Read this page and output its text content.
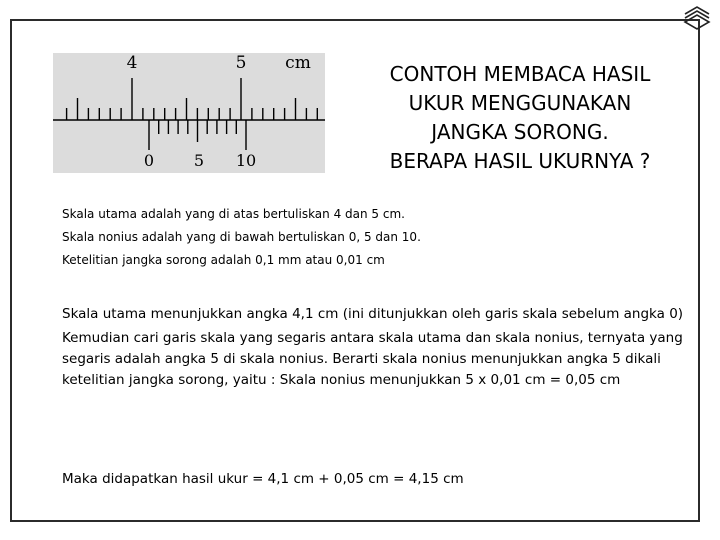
4	5 cm
0 5 10

CONTOH MEMBACA HASIL

UKUR MENGGUNAKAN

JANGKA SORONG.

BERAPA HASIL UKURNYA ?

Skala utama adalah yang di atas bertuliskan 4 dan 5 cm.
Skala nonius adalah yang di bawah bertuliskan 0, 5 dan 10.
Ketelitian jangka sorong adalah 0,1 mm atau 0,01 cm

Skala utama menunjukkan angka 4,1 cm (ini ditunjukkan oleh garis skala sebelum angka 0)

Kemudian cari garis skala yang segaris antara skala utama dan skala nonius, ternyata yang segaris adalah angka 5 di skala nonius. Berarti skala nonius menunjukkan angka 5 dikali ketelitian jangka sorong, yaitu : Skala nonius menunjukkan 5 x 0,01 cm = 0,05 cm

Maka didapatkan hasil ukur = 4,1 cm + 0,05 cm = 4,15 cm
